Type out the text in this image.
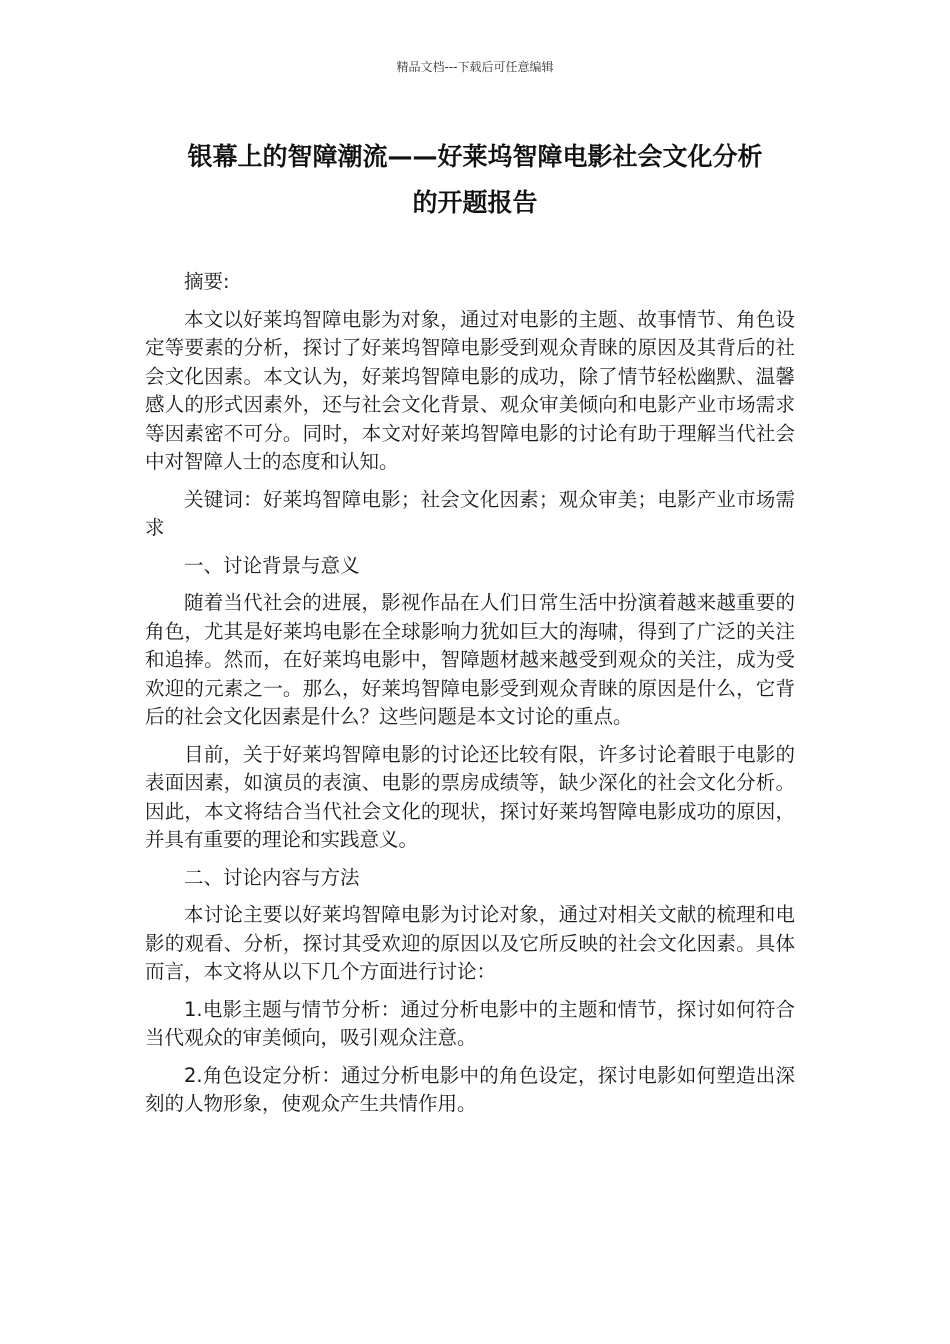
精品文档---下载后可任意编辑
银幕上的智障潮流——好莱坞智障电影社会文化分析
的开题报告

摘要:

本文以好莱坞智障电影为对象，通过对电影的主题、故事情节、角色设定等要素的分析，探讨了好莱坞智障电影受到观众青睐的原因及其背后的社会文化因素。本文认为，好莱坞智障电影的成功，除了情节轻松幽默、温馨感人的形式因素外，还与社会文化背景、观众审美倾向和电影产业市场需求等因素密不可分。同时，本文对好莱坞智障电影的讨论有助于理解当代社会中对智障人士的态度和认知。

关键词：好莱坞智障电影；社会文化因素；观众审美；电影产业市场需求

一、讨论背景与意义

随着当代社会的进展，影视作品在人们日常生活中扮演着越来越重要的角色，尤其是好莱坞电影在全球影响力犹如巨大的海啸，得到了广泛的关注和追捧。然而，在好莱坞电影中，智障题材越来越受到观众的关注，成为受欢迎的元素之一。那么，好莱坞智障电影受到观众青睐的原因是什么，它背后的社会文化因素是什么？这些问题是本文讨论的重点。

目前，关于好莱坞智障电影的讨论还比较有限，许多讨论着眼于电影的表面因素，如演员的表演、电影的票房成绩等，缺少深化的社会文化分析。因此，本文将结合当代社会文化的现状，探讨好莱坞智障电影成功的原因，并具有重要的理论和实践意义。

二、讨论内容与方法

本讨论主要以好莱坞智障电影为讨论对象，通过对相关文献的梳理和电影的观看、分析，探讨其受欢迎的原因以及它所反映的社会文化因素。具体而言，本文将从以下几个方面进行讨论：

1.电影主题与情节分析：通过分析电影中的主题和情节，探讨如何符合当代观众的审美倾向，吸引观众注意。

2.角色设定分析：通过分析电影中的角色设定，探讨电影如何塑造出深刻的人物形象，使观众产生共情作用。
